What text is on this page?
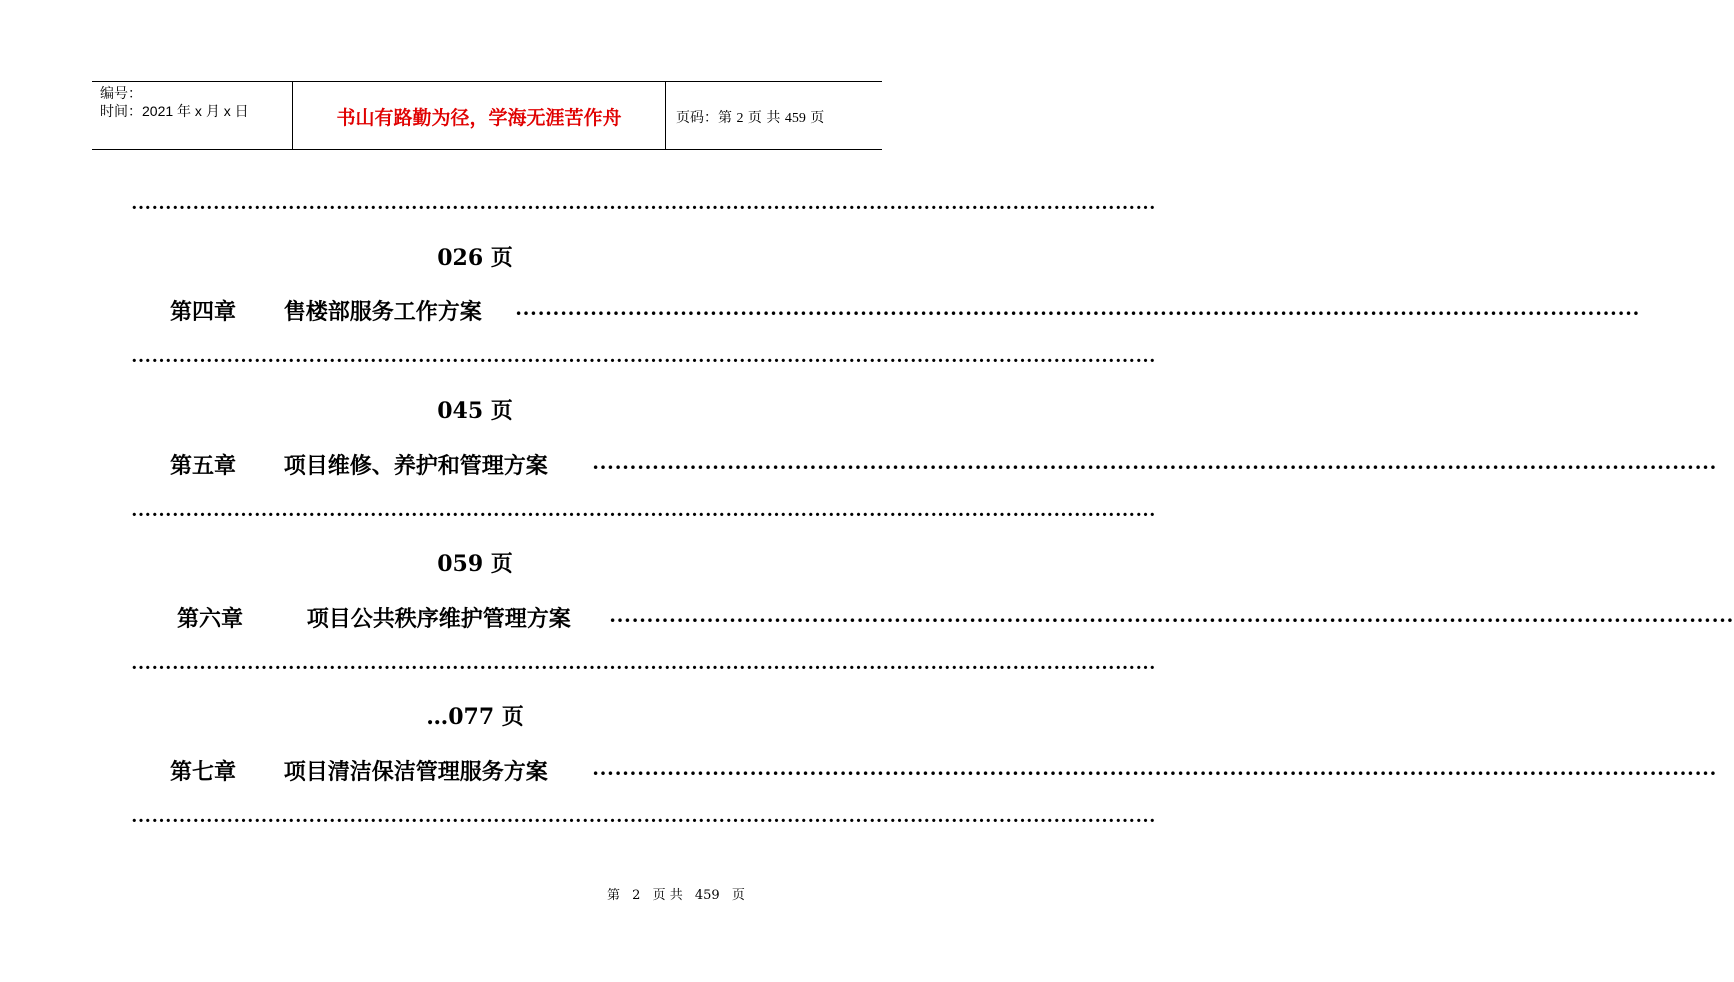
编号：
时间：2021 年 x 月 x 日	书山有路勤为径，学海无涯苦作舟	页码：第 2 页 共 459 页
……………………………………………………………………………………………………………………………………
026 页
第四章 售楼部服务工作方案 ……………………………………………………………………………………………………………………………………
……………………………………………………………………………………………………………………………………
045 页
第五章 项目维修、养护和管理方案 ……………………………………………………………………………………………………………………………………
……………………………………………………………………………………………………………………………………
059 页
第六章	项目公共秩序维护管理方案 ……………………………………………………………………………………………………………………………………
……………………………………………………………………………………………………………………………………
…077 页
第七章 项目清洁保洁管理服务方案 ……………………………………………………………………………………………………………………………………
……………………………………………………………………………………………………………………………………
第 2 页 共 459 页
